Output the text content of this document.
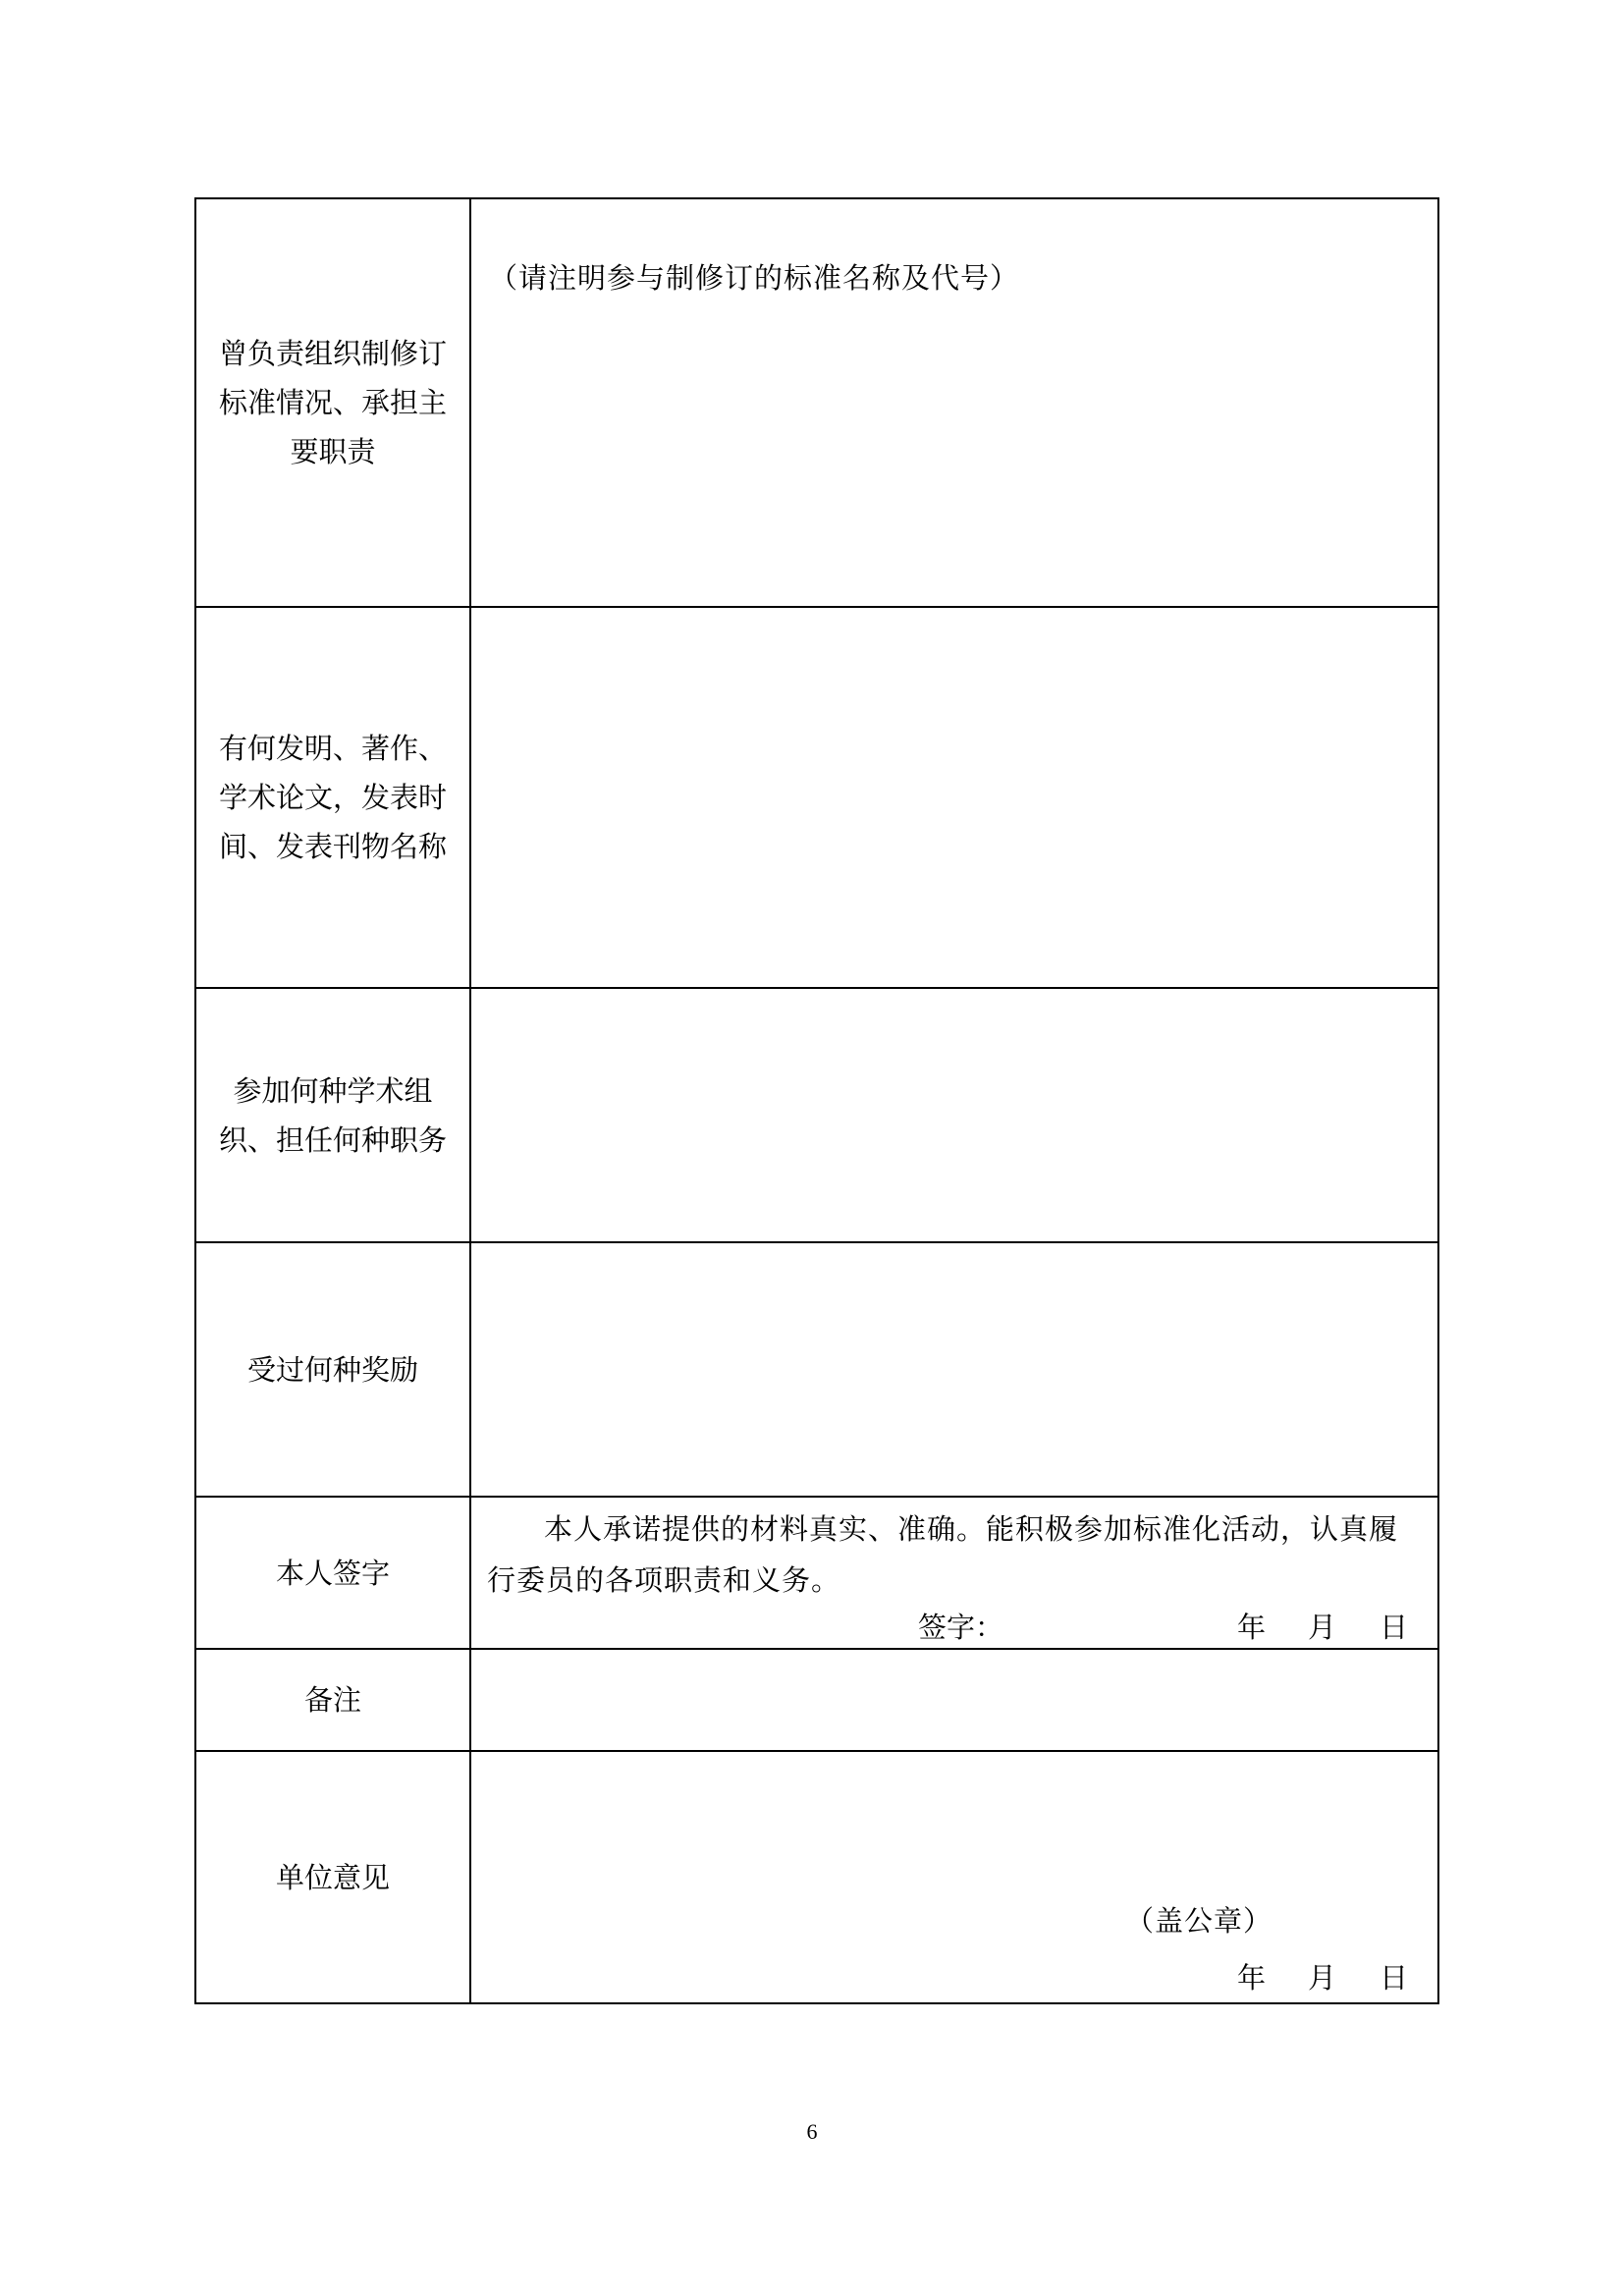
曾负责组织制修订标准情况、承担主要职责	（请注明参与制修订的标准名称及代号）

有何发明、著作、学术论文，发表时间、发表刊物名称	
参加何种学术组织、担任何种职务	
受过何种奖励	
本人签字	本人承诺提供的材料真实、准确。能积极参加标准化活动，认真履行委员的各项职责和义务。
签字： 年 月 日

备注	
单位意见	（盖公章）
年 月 日
6
